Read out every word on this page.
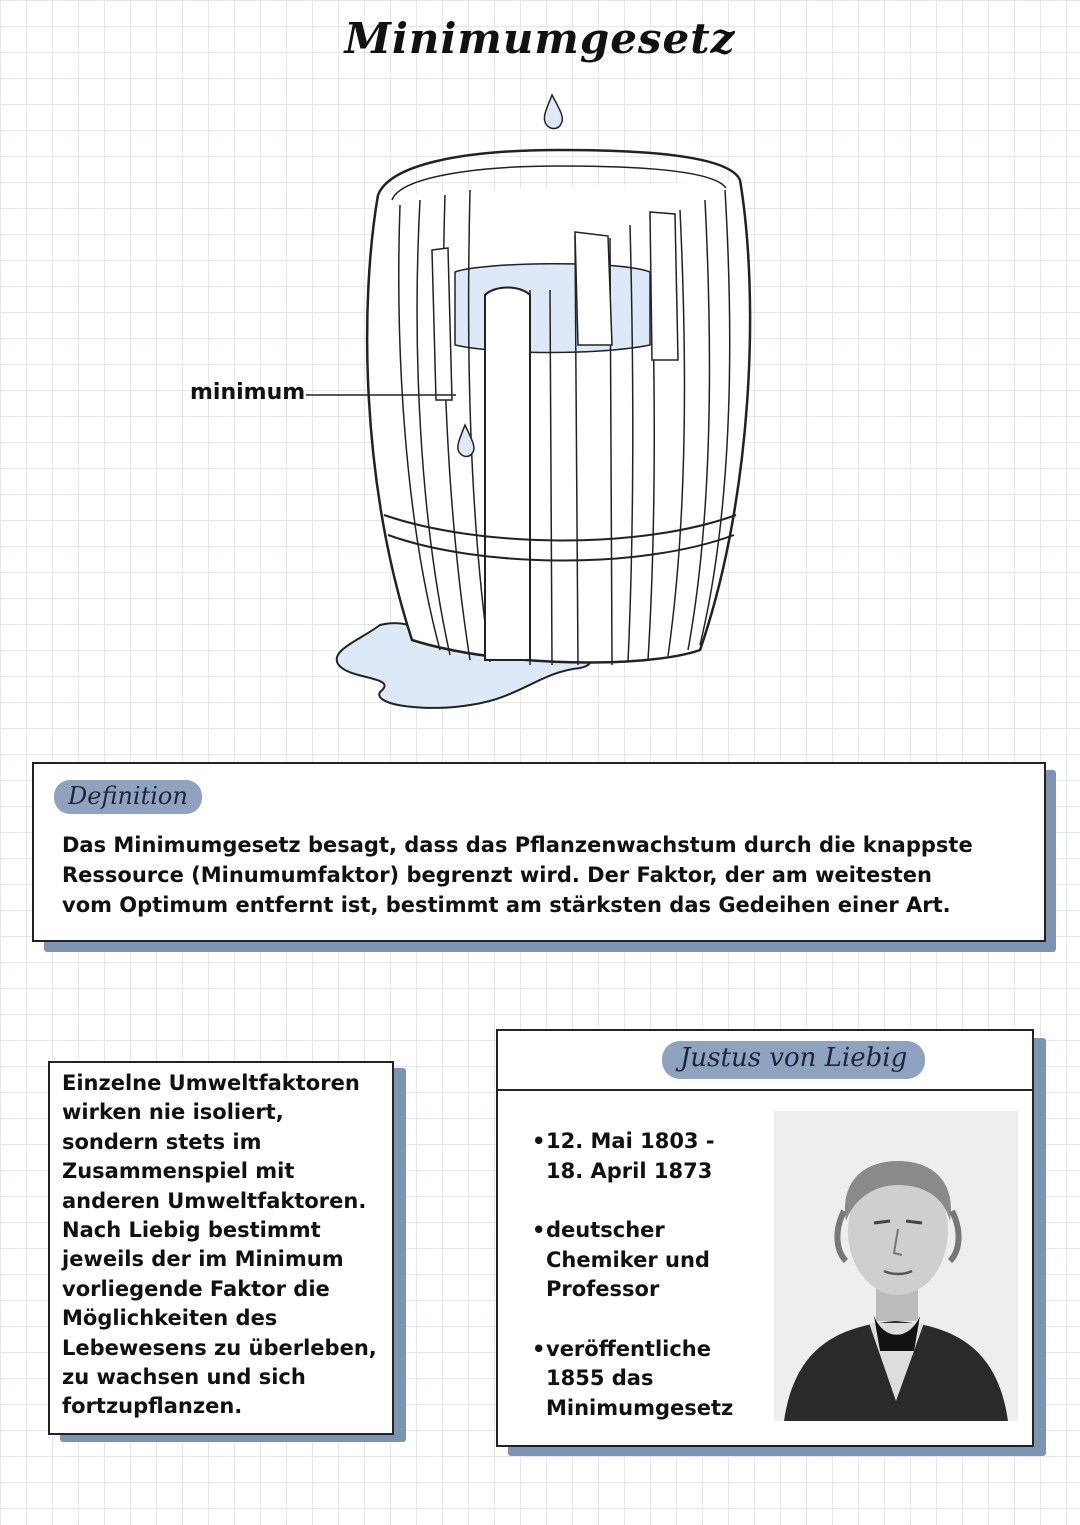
Minimumgesetz
minimum
Definition
Das Minimumgesetz besagt, dass das Pflanzenwachstum durch die knappste
Ressource (Minumumfaktor) begrenzt wird. Der Faktor, der am weitesten
vom Optimum entfernt ist, bestimmt am stärksten das Gedeihen einer Art.
Einzelne Umweltfaktoren
wirken nie isoliert,
sondern stets im
Zusammenspiel mit
anderen Umweltfaktoren.
Nach Liebig bestimmt
jeweils der im Minimum
vorliegende Faktor die
Möglichkeiten des
Lebewesens zu überleben,
zu wachsen und sich
fortzupflanzen.
Justus von Liebig
• 12. Mai 1803 -
18. April 1873
• deutscher
Chemiker und
Professor
• veröffentliche
1855 das
Minimumgesetz
